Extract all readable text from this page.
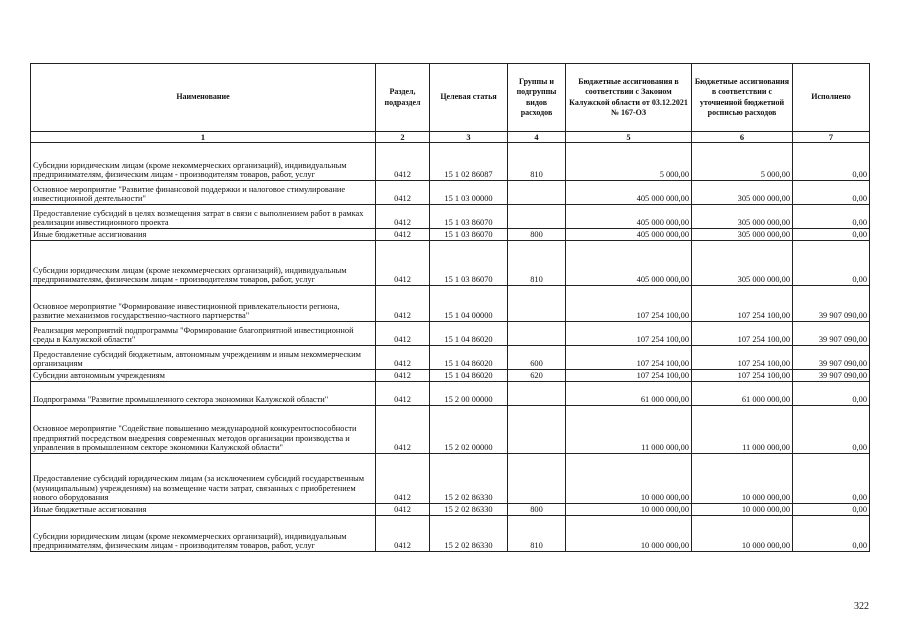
Наименование	Раздел, подраздел	Целевая статья	Группы и подгруппы видов расходов	Бюджетные ассигнования в соответствии с Законом Калужской области от 03.12.2021 № 167-ОЗ	Бюджетные ассигнования в соответствии с уточненной бюджетной росписью расходов	Исполнено
1	2	3	4	5	6	7
Субсидии юридическим лицам (кроме некоммерческих организаций), индивидуальным предпринимателям, физическим лицам - производителям товаров, работ, услуг	0412	15 1 02 86087	810	5 000,00	5 000,00	0,00
Основное мероприятие "Развитие финансовой поддержки и налоговое стимулирование инвестиционной деятельности"	0412	15 1 03 00000		405 000 000,00	305 000 000,00	0,00
Предоставление субсидий в целях возмещения затрат в связи с выполнением работ в рамках реализации инвестиционного проекта	0412	15 1 03 86070		405 000 000,00	305 000 000,00	0,00
Иные бюджетные ассигнования	0412	15 1 03 86070	800	405 000 000,00	305 000 000,00	0,00
Субсидии юридическим лицам (кроме некоммерческих организаций), индивидуальным предпринимателям, физическим лицам - производителям товаров, работ, услуг	0412	15 1 03 86070	810	405 000 000,00	305 000 000,00	0,00
Основное мероприятие "Формирование инвестиционной привлекательности региона, развитие механизмов государственно-частного партнерства"	0412	15 1 04 00000		107 254 100,00	107 254 100,00	39 907 090,00
Реализация мероприятий подпрограммы "Формирование благоприятной инвестиционной среды в Калужской области"	0412	15 1 04 86020		107 254 100,00	107 254 100,00	39 907 090,00
Предоставление субсидий бюджетным, автономным учреждениям и иным некоммерческим организациям	0412	15 1 04 86020	600	107 254 100,00	107 254 100,00	39 907 090,00
Субсидии автономным учреждениям	0412	15 1 04 86020	620	107 254 100,00	107 254 100,00	39 907 090,00
Подпрограмма "Развитие промышленного сектора экономики Калужской области"	0412	15 2 00 00000		61 000 000,00	61 000 000,00	0,00
Основное мероприятие "Содействие повышению международной конкурентоспособности предприятий посредством внедрения современных методов организации производства и управления в промышленном секторе экономики Калужской области"	0412	15 2 02 00000		11 000 000,00	11 000 000,00	0,00
Предоставление субсидий юридическим лицам (за исключением субсидий государственным (муниципальным) учреждениям) на возмещение части затрат, связанных с приобретением нового оборудования	0412	15 2 02 86330		10 000 000,00	10 000 000,00	0,00
Иные бюджетные ассигнования	0412	15 2 02 86330	800	10 000 000,00	10 000 000,00	0,00
Субсидии юридическим лицам (кроме некоммерческих организаций), индивидуальным предпринимателям, физическим лицам - производителям товаров, работ, услуг	0412	15 2 02 86330	810	10 000 000,00	10 000 000,00	0,00
322
